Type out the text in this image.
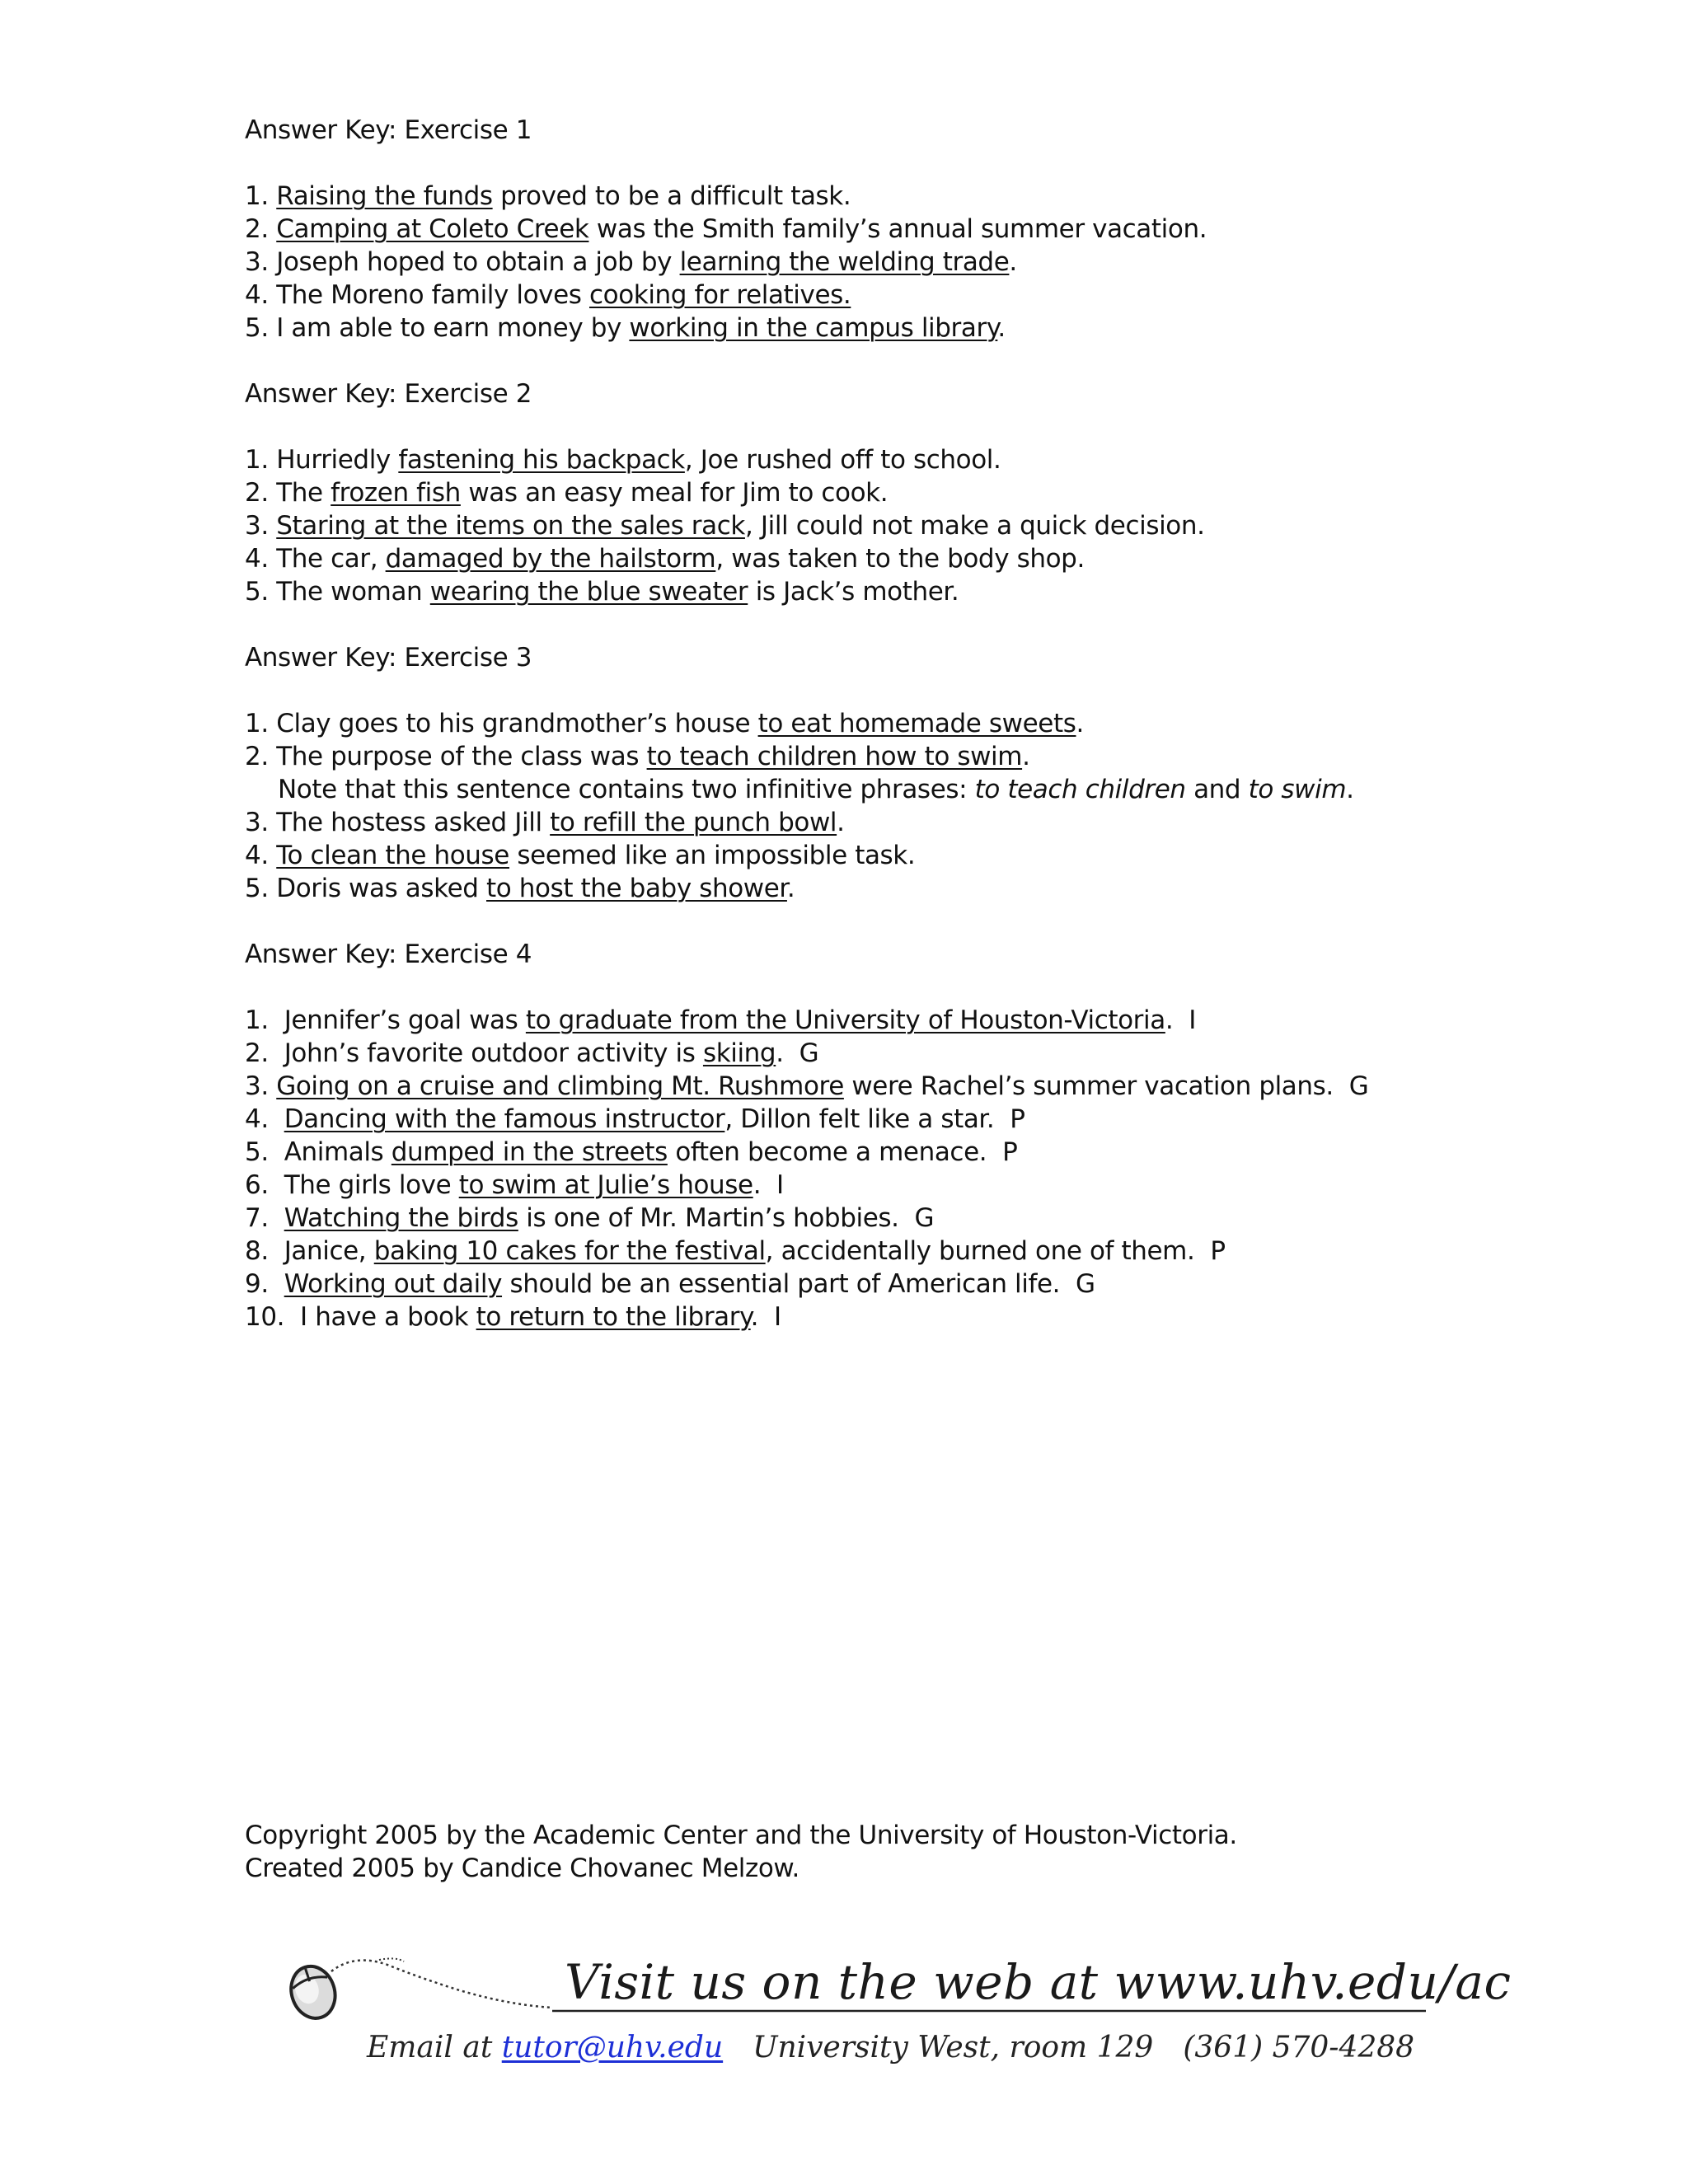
Answer Key: Exercise 1
1. Raising the funds proved to be a difficult task.
2. Camping at Coleto Creek was the Smith family’s annual summer vacation.
3. Joseph hoped to obtain a job by learning the welding trade.
4. The Moreno family loves cooking for relatives.
5. I am able to earn money by working in the campus library.
Answer Key: Exercise 2
1. Hurriedly fastening his backpack, Joe rushed off to school.
2. The frozen fish was an easy meal for Jim to cook.
3. Staring at the items on the sales rack, Jill could not make a quick decision.
4. The car, damaged by the hailstorm, was taken to the body shop.
5. The woman wearing the blue sweater is Jack’s mother.
Answer Key: Exercise 3
1. Clay goes to his grandmother’s house to eat homemade sweets.
2. The purpose of the class was to teach children how to swim.
Note that this sentence contains two infinitive phrases: to teach children and to swim.
3. The hostess asked Jill to refill the punch bowl.
4. To clean the house seemed like an impossible task.
5. Doris was asked to host the baby shower.
Answer Key: Exercise 4
1.  Jennifer’s goal was to graduate from the University of Houston-Victoria.  I
2.  John’s favorite outdoor activity is skiing.  G
3. Going on a cruise and climbing Mt. Rushmore were Rachel’s summer vacation plans.  G
4.  Dancing with the famous instructor, Dillon felt like a star.  P
5.  Animals dumped in the streets often become a menace.  P
6.  The girls love to swim at Julie’s house.  I
7.  Watching the birds is one of Mr. Martin’s hobbies.  G
8.  Janice, baking 10 cakes for the festival, accidentally burned one of them.  P
9.  Working out daily should be an essential part of American life.  G
10.  I have a book to return to the library.  I
Copyright 2005 by the Academic Center and the University of Houston-Victoria.
Created 2005 by Candice Chovanec Melzow.
Visit us on the web at www.uhv.edu/ac
Email at tutor@uhv.edu University West, room 129 (361) 570-4288
